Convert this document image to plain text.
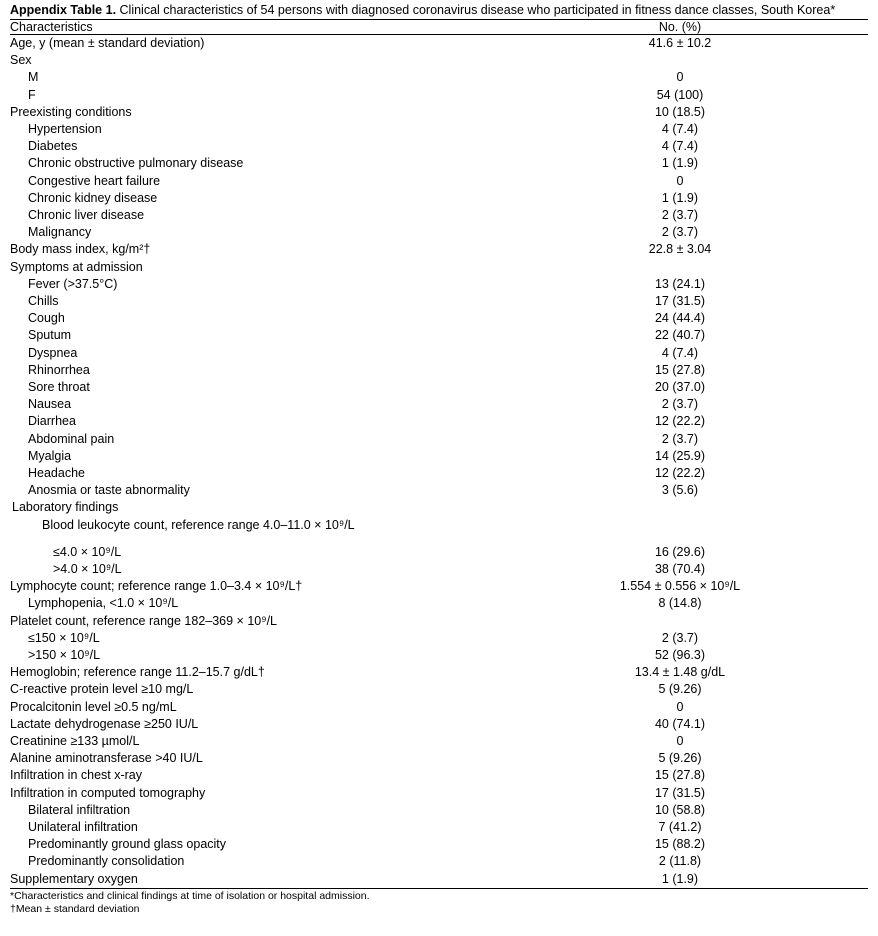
Appendix Table 1. Clinical characteristics of 54 persons with diagnosed coronavirus disease who participated in fitness dance classes, South Korea*

Characteristics	No. (%)	
Age, y (mean ± standard deviation)	41.6 ± 10.2	
Sex		
M	0	
F	54 (100)	
Preexisting conditions	10 (18.5)	
Hypertension	4 (7.4)	
Diabetes	4 (7.4)	
Chronic obstructive pulmonary disease	1 (1.9)	
Congestive heart failure	0	
Chronic kidney disease	1 (1.9)	
Chronic liver disease	2 (3.7)	
Malignancy	2 (3.7)	
Body mass index, kg/m²†	22.8 ± 3.04	
Symptoms at admission		
Fever (>37.5°C)	13 (24.1)	
Chills	17 (31.5)	
Cough	24 (44.4)	
Sputum	22 (40.7)	
Dyspnea	4 (7.4)	
Rhinorrhea	15 (27.8)	
Sore throat	20 (37.0)	
Nausea	2 (3.7)	
Diarrhea	12 (22.2)	
Abdominal pain	2 (3.7)	
Myalgia	14 (25.9)	
Headache	12 (22.2)	
Anosmia or taste abnormality	3 (5.6)	
Laboratory findings		
Blood leukocyte count, reference range 4.0–11.0 × 10⁹/L		
≤4.0 × 10⁹/L	16 (29.6)	
>4.0 × 10⁹/L	38 (70.4)	
Lymphocyte count; reference range 1.0–3.4 × 10⁹/L†	1.554 ± 0.556 × 10⁹/L	
Lymphopenia, <1.0 × 10⁹/L	8 (14.8)	
Platelet count, reference range 182–369 × 10⁹/L		
≤150 × 10⁹/L	2 (3.7)	
>150 × 10⁹/L	52 (96.3)	
Hemoglobin; reference range 11.2–15.7 g/dL†	13.4 ± 1.48 g/dL	
C-reactive protein level ≥10 mg/L	5 (9.26)	
Procalcitonin level ≥0.5 ng/mL	0	
Lactate dehydrogenase ≥250 IU/L	40 (74.1)	
Creatinine ≥133 µmol/L	0	
Alanine aminotransferase >40 IU/L	5 (9.26)	
Infiltration in chest x-ray	15 (27.8)	
Infiltration in computed tomography	17 (31.5)	
Bilateral infiltration	10 (58.8)	
Unilateral infiltration	7 (41.2)	
Predominantly ground glass opacity	15 (88.2)	
Predominantly consolidation	2 (11.8)	
Supplementary oxygen	1 (1.9)	

*Characteristics and clinical findings at time of isolation or hospital admission.

†Mean ± standard deviation
